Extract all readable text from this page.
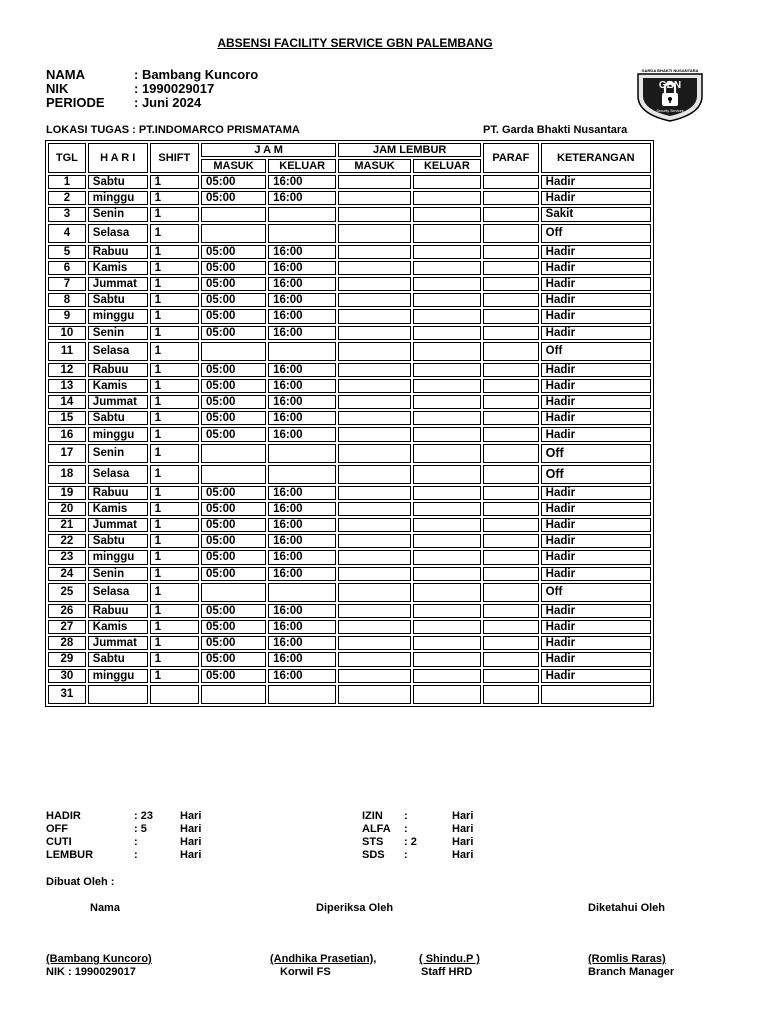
ABSENSI FACILITY SERVICE GBN PALEMBANG
NAMA	: Bambang Kuncoro
NIK	: 1990029017
PERIODE : Juni 2024
GARDA BHAKTI NUSANTARA
GBN
Security Services
LOKASI TUGAS : PT.INDOMARCO PRISMATAMA	PT. Garda Bhakti Nusantara
TGL	H A R I	SHIFT	J A M		JAM LEMBUR		PARAF	KETERANGAN
			MASUK	KELUAR	MASUK	KELUAR		
1	Sabtu	1	05:00	16:00				Hadir
2	minggu	1	05:00	16:00				Hadir
3	Senin	1						Sakit
4	Selasa	1						Off
5	Rabuu	1	05:00	16:00				Hadir
6	Kamis	1	05:00	16:00				Hadir
7	Jummat	1	05:00	16:00				Hadir
8	Sabtu	1	05:00	16:00				Hadir
9	minggu	1	05:00	16:00				Hadir
10	Senin	1	05:00	16:00				Hadir
11	Selasa	1						Off
12	Rabuu	1	05:00	16:00				Hadir
13	Kamis	1	05:00	16:00				Hadir
14	Jummat	1	05:00	16:00				Hadir
15	Sabtu	1	05:00	16:00				Hadir
16	minggu	1	05:00	16:00				Hadir
17	Senin	1						Off
18	Selasa	1						Off
19	Rabuu	1	05:00	16:00				Hadir
20	Kamis	1	05:00	16:00				Hadir
21	Jummat	1	05:00	16:00				Hadir
22	Sabtu	1	05:00	16:00				Hadir
23	minggu	1	05:00	16:00				Hadir
24	Senin	1	05:00	16:00				Hadir
25	Selasa	1						Off
26	Rabuu	1	05:00	16:00				Hadir
27	Kamis	1	05:00	16:00				Hadir
28	Jummat	1	05:00	16:00				Hadir
29	Sabtu	1	05:00	16:00				Hadir
30	minggu	1	05:00	16:00				Hadir
31								
HADIR	: 23 Hari
OFF	: 5	Hari
CUTI	:	Hari
LEMBUR	:	Hari
IZIN :	Hari
ALFA :	Hari
STS : 2	Hari
SDS :	Hari
Dibuat Oleh :
Nama	Diperiksa Oleh	Diketahui Oleh
(Bambang Kuncoro)
NIK : 1990029017
(Andhika Prasetian),
Korwil FS
( Shindu.P )
Staff HRD
(Romlis Raras)
Branch Manager
